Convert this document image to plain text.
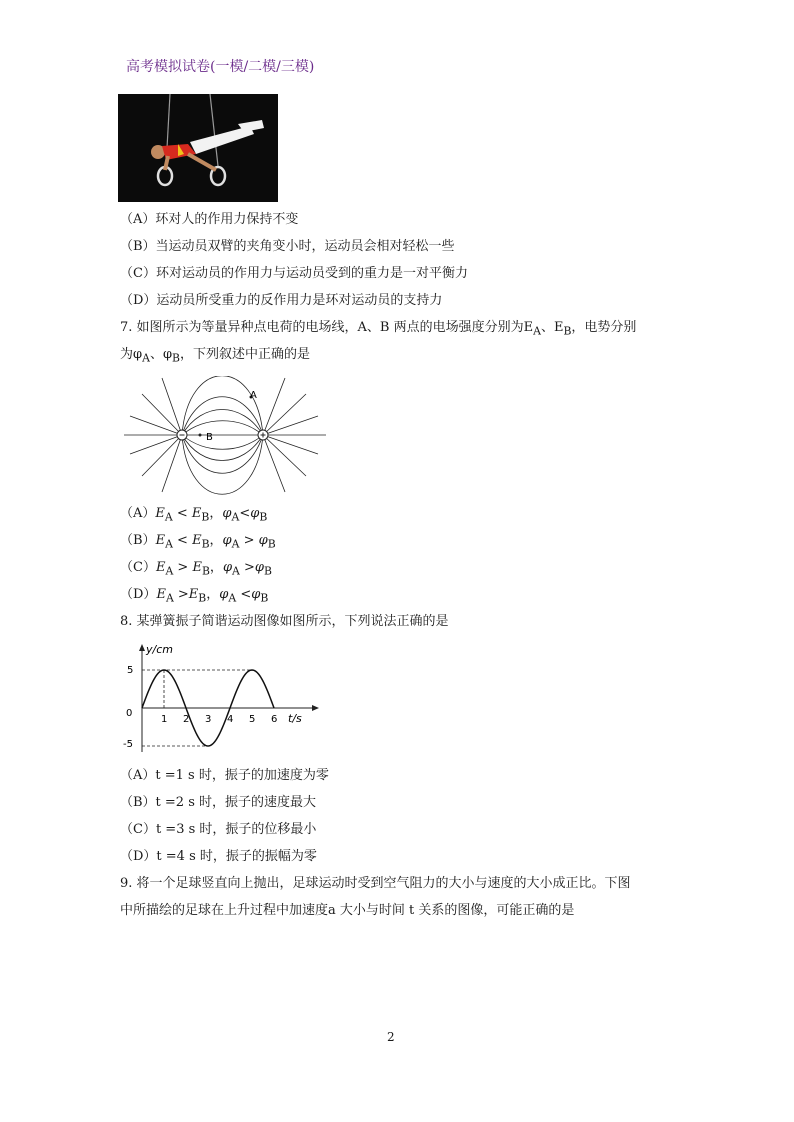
高考模拟试卷(一模/二模/三模)
（A）环对人的作用力保持不变
（B）当运动员双臂的夹角变小时，运动员会相对轻松一些
（C）环对运动员的作用力与运动员受到的重力是一对平衡力
（D）运动员所受重力的反作用力是环对运动员的支持力
7. 如图所示为等量异种点电荷的电场线，A、B 两点的电场强度分别为$E_A$、$E_B$，电势分别
为$\varphi_A$、$\varphi_B$，下列叙述中正确的是
A
B
$(A)E_A < E_B$，$\varphi_A<\varphi_B$
$(B)E_A < E_B$，$\varphi_A > \varphi_B$
$(C)E_A > E_B$，$\varphi_A >\varphi_B$
$(D)E_A >E_B$，$\varphi_A <\varphi_B$
8. 某弹簧振子简谐运动图像如图所示，下列说法正确的是
1 2 3 4 5 6
y/cm
t/s
0
5
-5
（A）t =1 s 时，振子的加速度为零
（B）t =2 s 时，振子的速度最大
（C）t =3 s 时，振子的位移最小
（D）t =4 s 时，振子的振幅为零
9. 将一个足球竖直向上抛出，足球运动时受到空气阻力的大小与速度的大小成正比。下图
中所描绘的足球在上升过程中加速度a 大小与时间 t 关系的图像，可能正确的是
2
